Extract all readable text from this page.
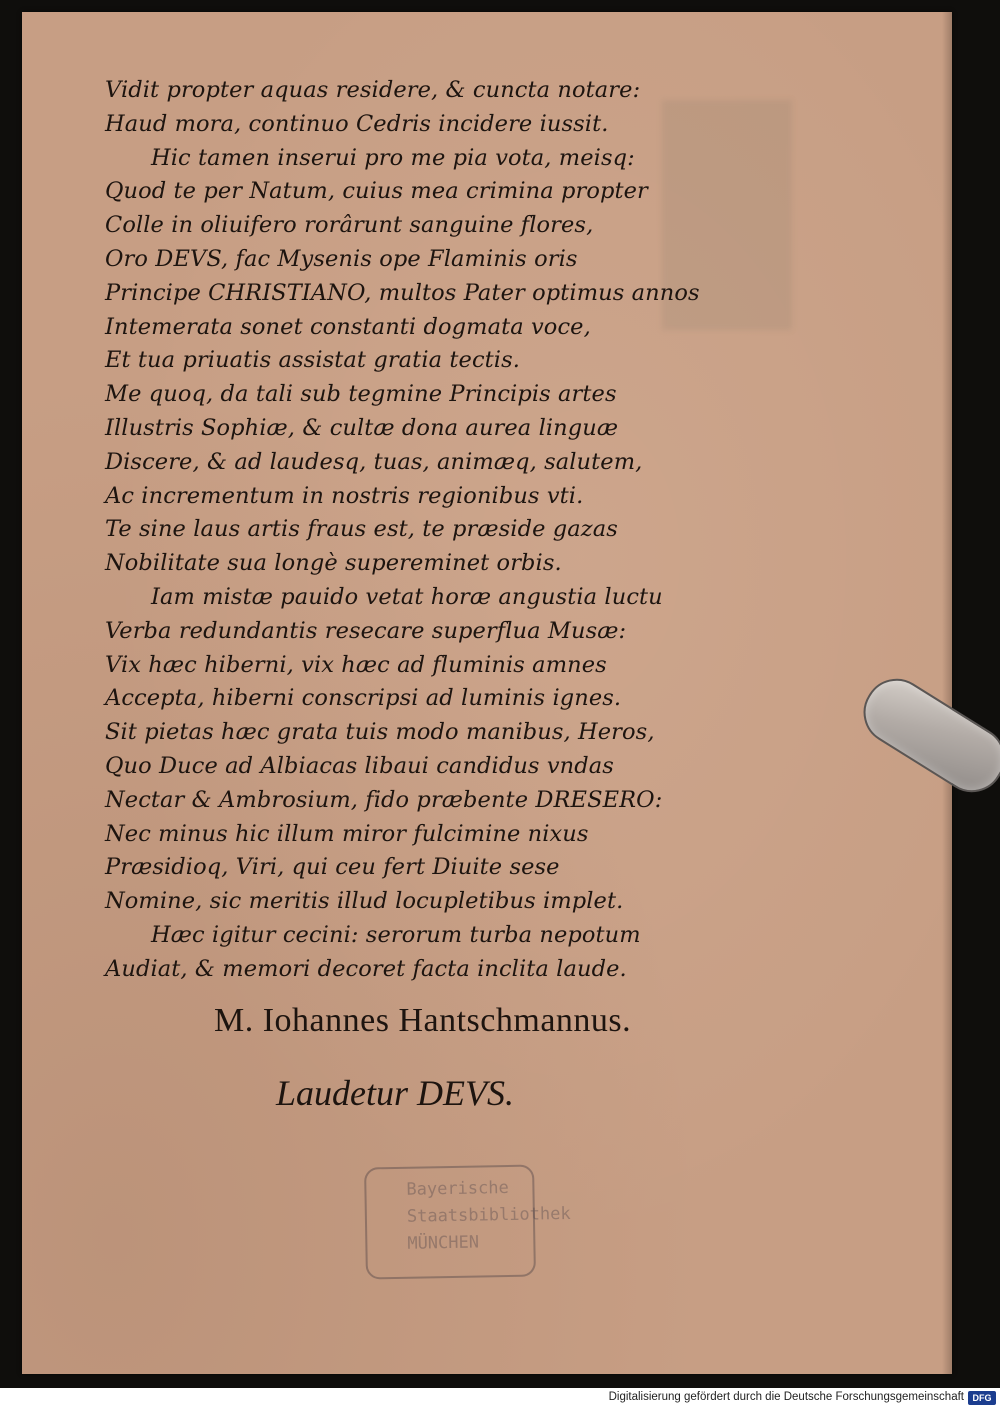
Vidit propter aquas residere, & cuncta notare:
Haud mora, continuo Cedris incidere iussit.
Hic tamen inserui pro me pia vota, meisq:
Quod te per Natum, cuius mea crimina propter
Colle in oliuifero rorârunt sanguine flores,
Oro DEVS, fac Mysenis ope Flaminis oris
Principe CHRISTIANO, multos Pater optimus annos
Intemerata sonet constanti dogmata voce,
Et tua priuatis assistat gratia tectis.
Me quoq, da tali sub tegmine Principis artes
Illustris Sophiæ, & cultæ dona aurea linguæ
Discere, & ad laudesq, tuas, animæq, salutem,
Ac incrementum in nostris regionibus vti.
Te sine laus artis fraus est, te præside gazas
Nobilitate sua longè supereminet orbis.
Iam mistæ pauido vetat horæ angustia luctu
Verba redundantis resecare superflua Musæ:
Vix hæc hiberni, vix hæc ad fluminis amnes
Accepta, hiberni conscripsi ad luminis ignes.
Sit pietas hæc grata tuis modo manibus, Heros,
Quo Duce ad Albiacas libaui candidus vndas
Nectar & Ambrosium, fido præbente DRESERO:
Nec minus hic illum miror fulcimine nixus
Præsidioq, Viri, qui ceu fert Diuite sese
Nomine, sic meritis illud locupletibus implet.
Hæc igitur cecini: serorum turba nepotum
Audiat, & memori decoret facta inclita laude.
M. Iohannes Hantschmannus.
Laudetur DEVS.
Bayerische
Staatsbibliothek
MÜNCHEN
Digitalisierung gefördert durch die Deutsche Forschungsgemeinschaft DFG
